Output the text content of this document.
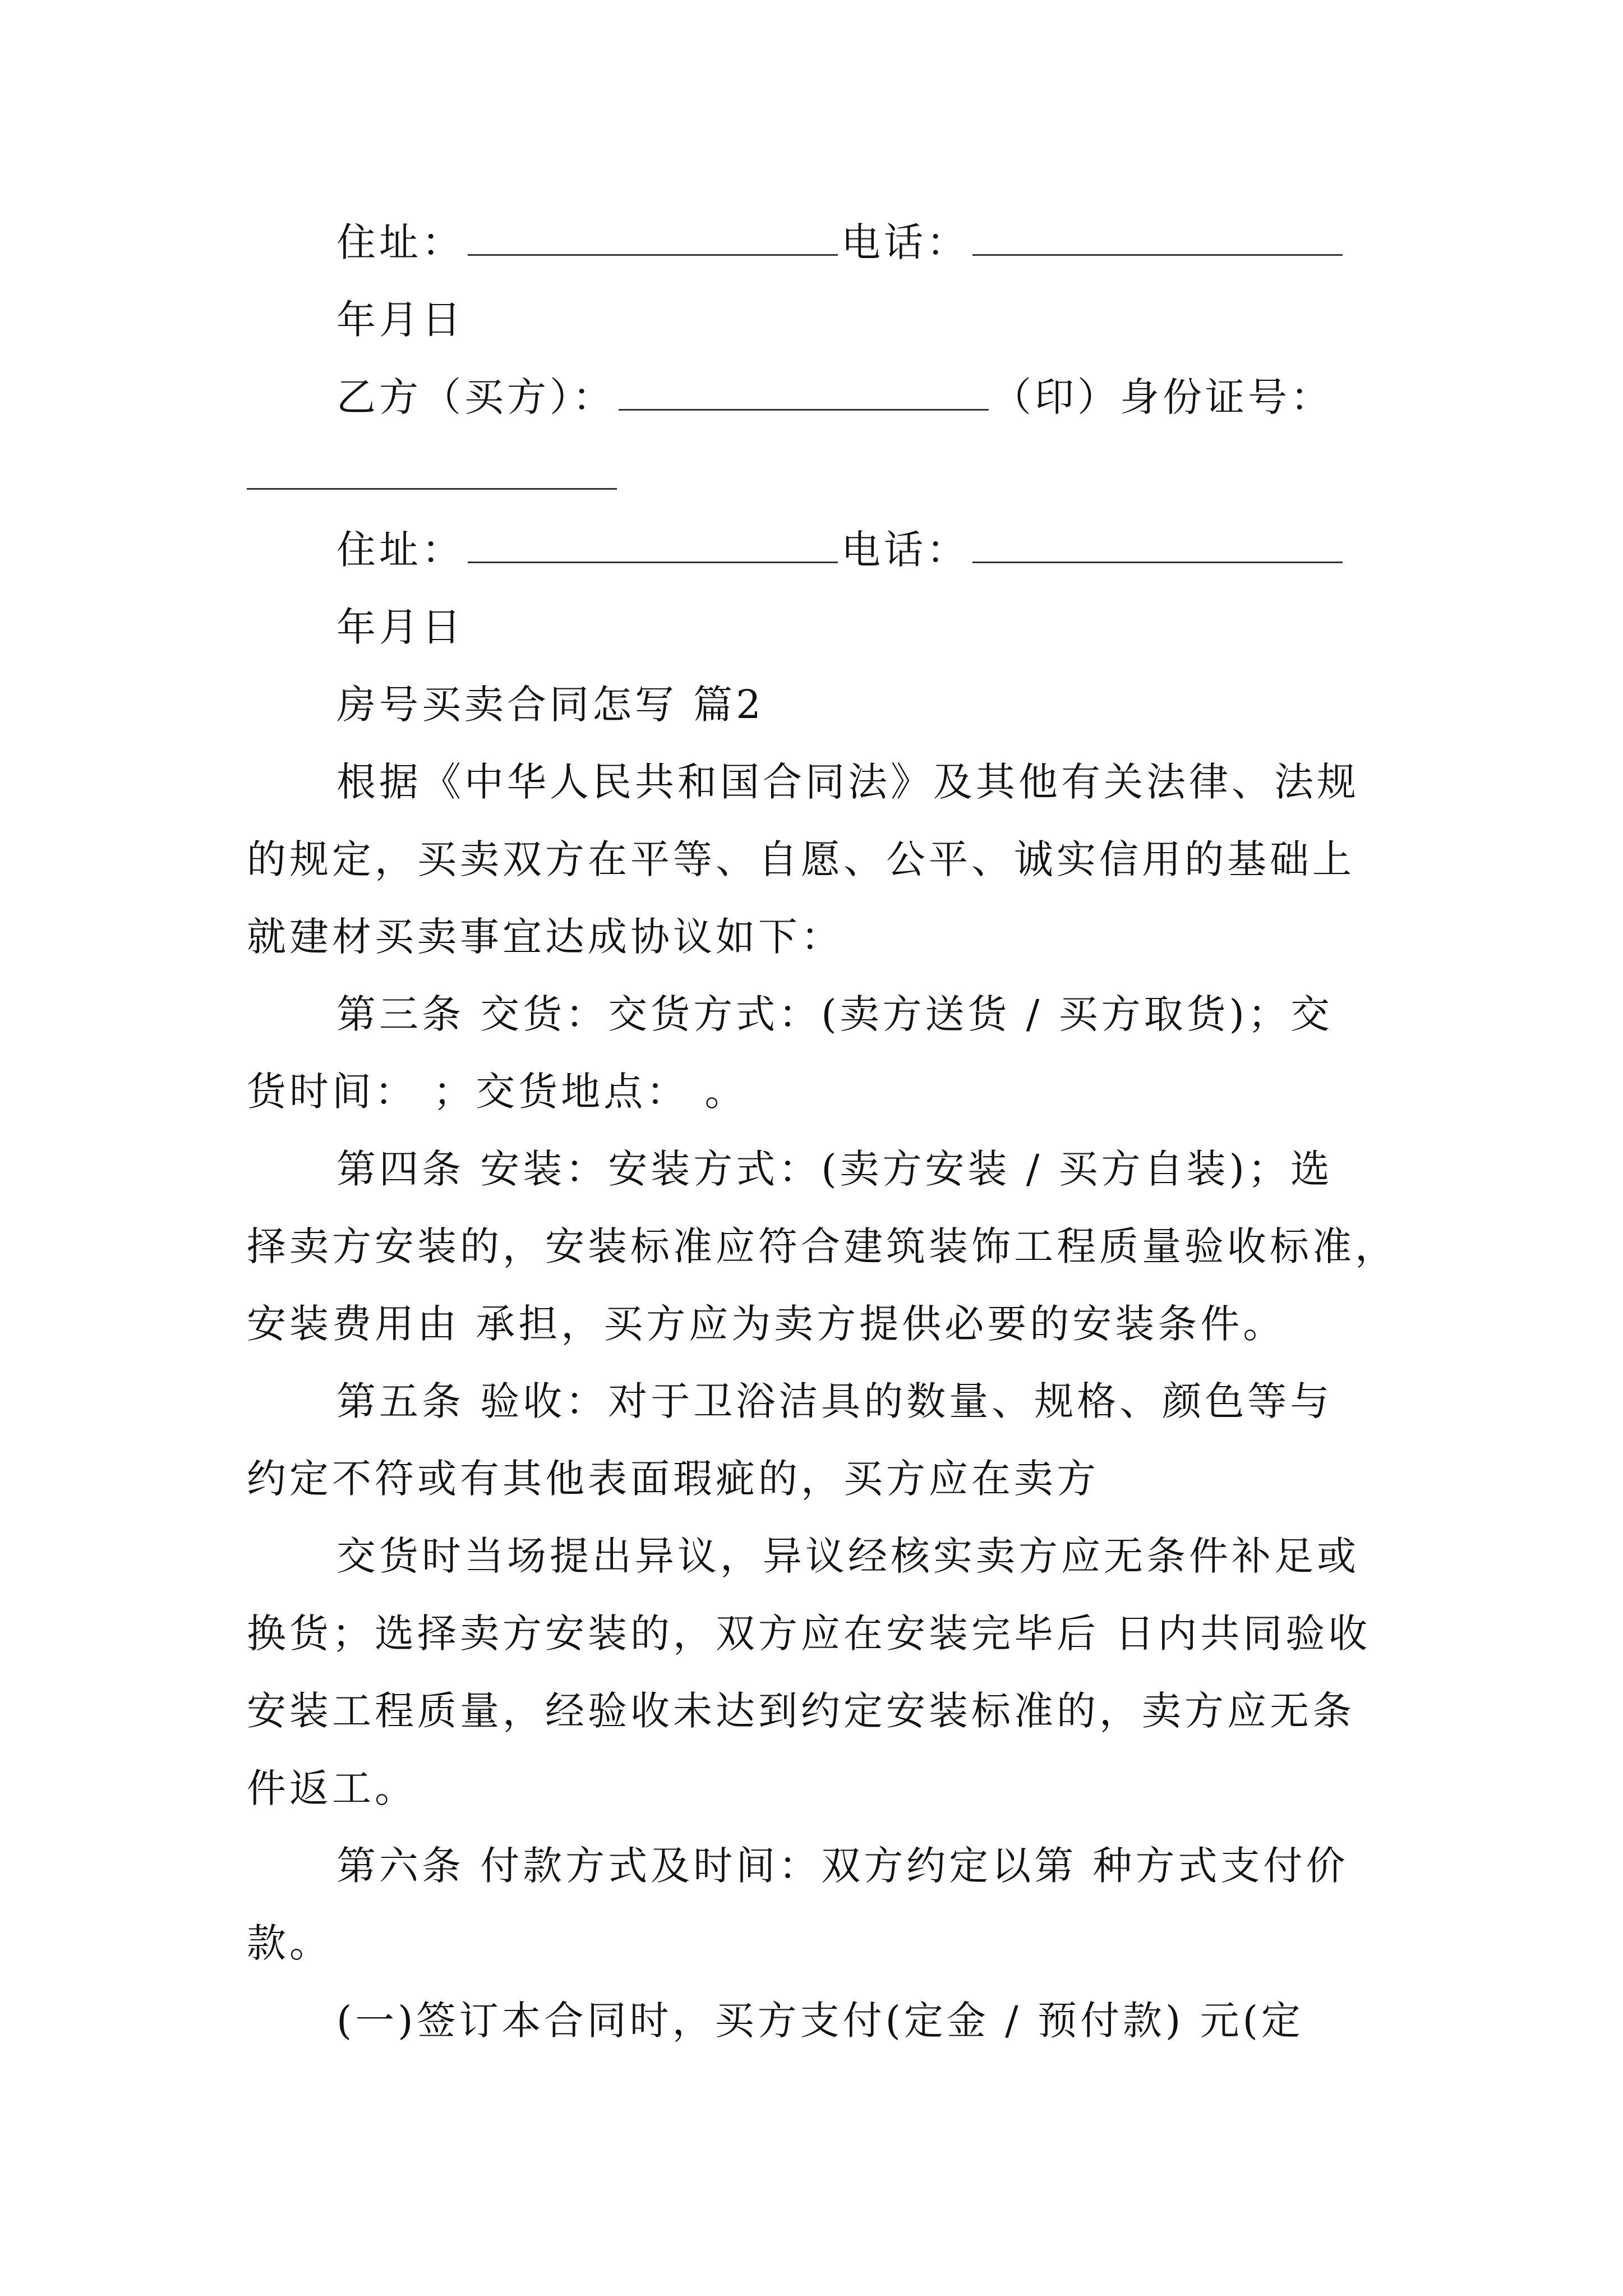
住址：	电话：
年月日
乙方（买方）：	（印）身份证号：
住址：	电话：
年月日
房号买卖合同怎写 篇2
根据《中华人民共和国合同法》及其他有关法律、法规
的规定，买卖双方在平等、自愿、公平、诚实信用的基础上
就建材买卖事宜达成协议如下：
第三条 交货：交货方式：(卖方送货 / 买方取货)；交
货时间： ；交货地点： 。
第四条 安装：安装方式：(卖方安装 / 买方自装)；选
择卖方安装的，安装标准应符合建筑装饰工程质量验收标准，
安装费用由 承担，买方应为卖方提供必要的安装条件。
第五条 验收：对于卫浴洁具的数量、规格、颜色等与
约定不符或有其他表面瑕疵的，买方应在卖方
交货时当场提出异议，异议经核实卖方应无条件补足或
换货；选择卖方安装的，双方应在安装完毕后 日内共同验收
安装工程质量，经验收未达到约定安装标准的，卖方应无条
件返工。
第六条 付款方式及时间：双方约定以第 种方式支付价
款。
(一)签订本合同时，买方支付(定金 / 预付款) 元(定
